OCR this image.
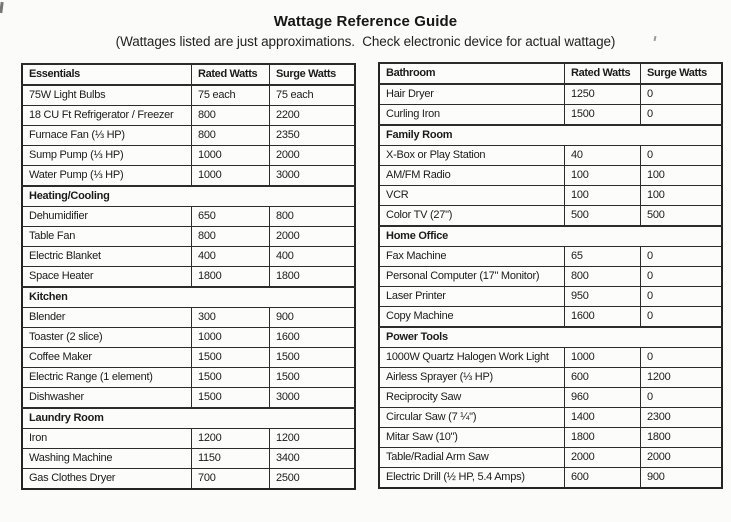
Wattage Reference Guide
(Wattages listed are just approximations.  Check electronic device for actual wattage)
Essentials	Rated Watts	Surge Watts
75W Light Bulbs	75 each	75 each
18 CU Ft Refrigerator / Freezer	800	2200
Furnace Fan (⅓ HP)	800	2350
Sump Pump (⅓ HP)	1000	2000
Water Pump (⅓ HP)	1000	3000
Heating/Cooling		
Dehumidifier	650	800
Table Fan	800	2000
Electric Blanket	400	400
Space Heater	1800	1800
Kitchen		
Blender	300	900
Toaster (2 slice)	1000	1600
Coffee Maker	1500	1500
Electric Range (1 element)	1500	1500
Dishwasher	1500	3000
Laundry Room		
Iron	1200	1200
Washing Machine	1150	3400
Gas Clothes Dryer	700	2500
Bathroom	Rated Watts	Surge Watts
Hair Dryer	1250	0
Curling Iron	1500	0
Family Room		
X-Box or Play Station	40	0
AM/FM Radio	100	100
VCR	100	100
Color TV (27")	500	500
Home Office		
Fax Machine	65	0
Personal Computer (17" Monitor)	800	0
Laser Printer	950	0
Copy Machine	1600	0
Power Tools		
1000W Quartz Halogen Work Light	1000	0
Airless Sprayer (⅓ HP)	600	1200
Reciprocity Saw	960	0
Circular Saw (7 ¼")	1400	2300
Mitar Saw (10")	1800	1800
Table/Radial Arm Saw	2000	2000
Electric Drill (½ HP, 5.4 Amps)	600	900
